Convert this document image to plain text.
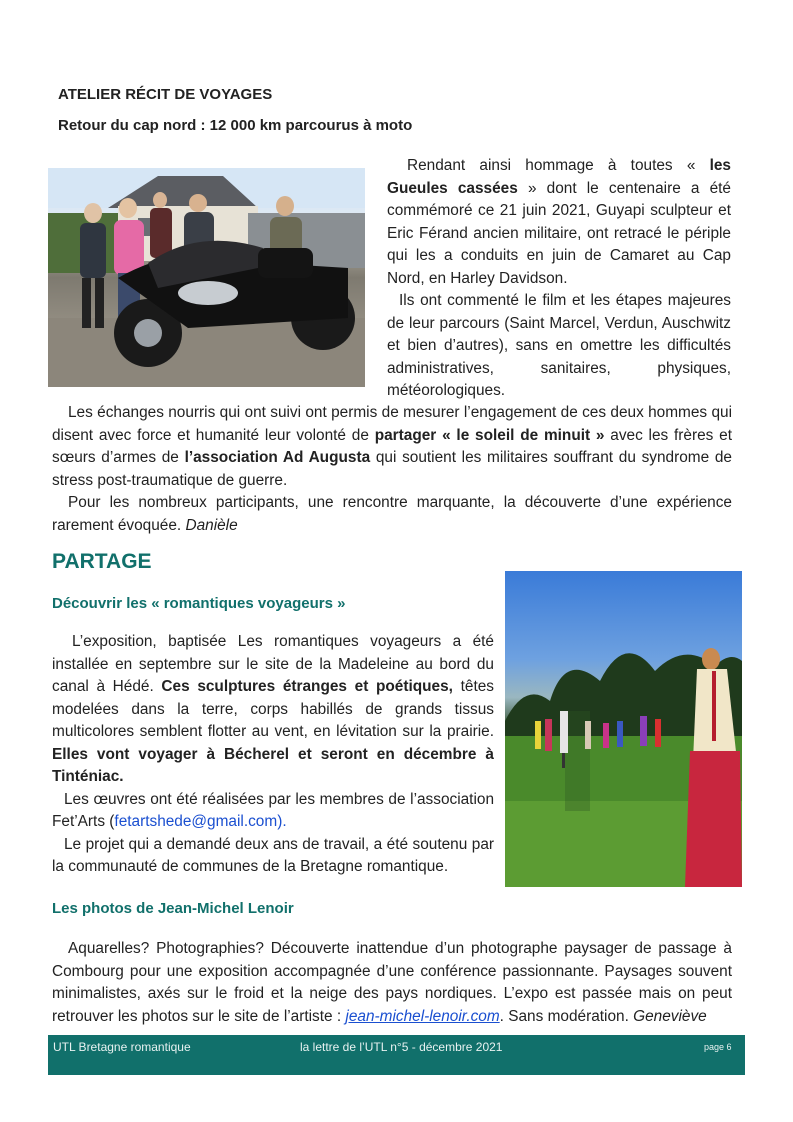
ATELIER RÉCIT DE VOYAGES
Retour du cap nord : 12 000 km parcourus à moto

Rendant ainsi hommage à toutes « les Gueules cassées » dont le centenaire a été commémoré ce 21 juin 2021, Guyapi sculpteur et Eric Férand ancien militaire, ont retracé le périple qui les a conduits en juin de Camaret au Cap Nord, en Harley Davidson.

Ils ont commenté le film et les étapes majeures de leur parcours (Saint Marcel, Verdun, Auschwitz et bien d’autres), sans en omettre les difficultés administratives, sanitaires, physiques, météorologiques.

Les échanges nourris qui ont suivi ont permis de mesurer l’engagement de ces deux hommes qui disent avec force et humanité leur volonté de partager « le soleil de minuit » avec les frères et sœurs d’armes de l’association Ad Augusta qui soutient les militaires souffrant du syndrome de stress post-traumatique de guerre.

Pour les nombreux participants, une rencontre marquante, la découverte d’une expérience rarement évoquée. Danièle

PARTAGE
Découvrir les « romantiques voyageurs »

L’exposition, baptisée Les romantiques voyageurs a été installée en septembre sur le site de la Madeleine au bord du canal à Hédé. Ces sculptures étranges et poétiques, têtes modelées dans la terre, corps habillés de grands tissus multicolores semblent flotter au vent, en lévitation sur la prairie. Elles vont voyager à Bécherel et seront en décembre à Tinténiac.

Les œuvres ont été réalisées par les membres de l’association Fet’Arts (fetartshede@gmail.com).

Le projet qui a demandé deux ans de travail, a été soutenu par la communauté de communes de la Bretagne romantique.

Les photos de Jean-Michel Lenoir

Aquarelles? Photographies? Découverte inattendue d’un photographe paysager de passage à Combourg pour une exposition accompagnée d’une conférence passionnante. Paysages souvent minimalistes, axés sur le froid et la neige des pays nordiques. L’expo est passée mais on peut retrouver les photos sur le site de l’artiste : jean-michel-lenoir.com. Sans modération. Geneviève

UTL Bretagne romantique	la lettre de l’UTL n°5 - décembre 2021	page 6
